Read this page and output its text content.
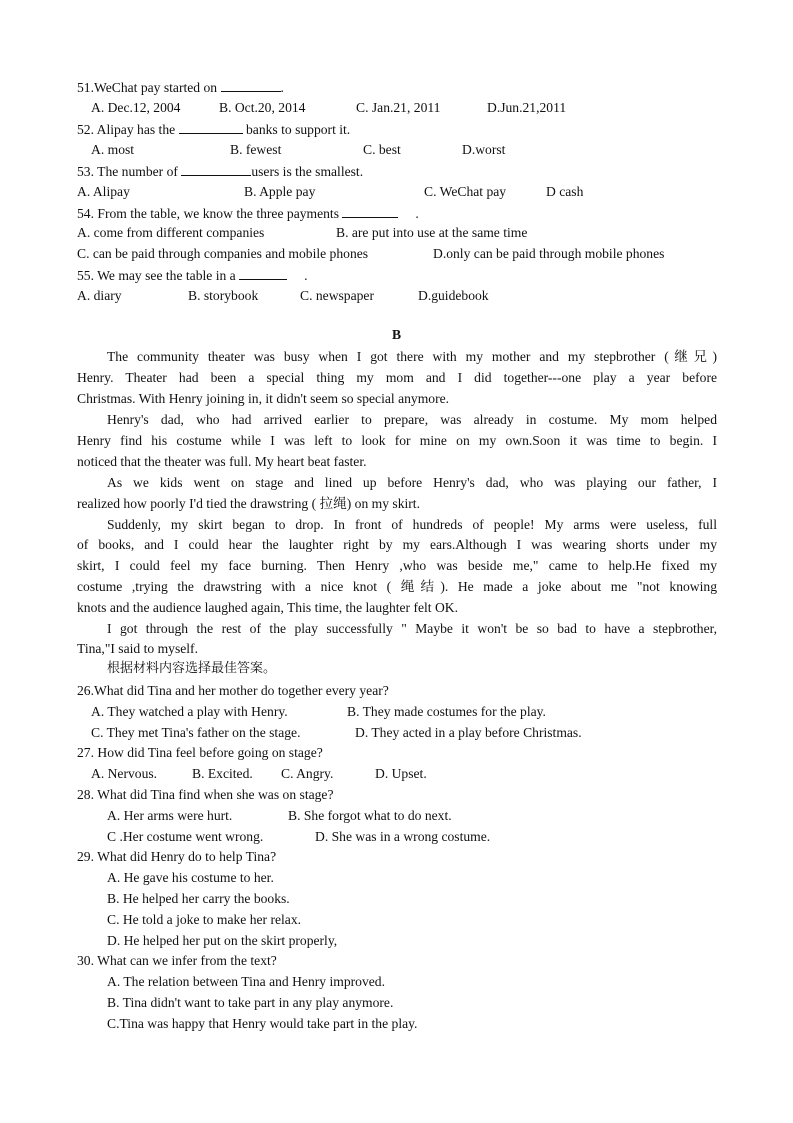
51.WeChat pay started on	.
A. Dec.12, 2004	B. Oct.20, 2014	C. Jan.21, 2011	D.Jun.21,2011
52. Alipay has the	banks to support it.
A. most	B. fewest	C. best	D.worst
53. The number of	users is the smallest.
A. Alipay	B. Apple pay	C. WeChat pay	D cash
54. From the table, we know the three payments	.
A. come from different companies	B. are put into use at the same time
C. can be paid through companies and mobile phones	D.only can be paid through mobile phones
55. We may see the table in a	.
A. diary	B. storybook	C. newspaper	D.guidebook
B
The community theater was busy when I got there with my mother and my stepbrother (继兄)
Henry. Theater had been a special thing my mom and I did together---one play a year before
Christmas. With Henry joining in, it didn't seem so special anymore.
Henry's dad, who had arrived earlier to prepare, was already in costume. My mom helped
Henry find his costume while I was left to look for mine on my own.Soon it was time to begin. I
noticed that the theater was full. My heart beat faster.
As we kids went on stage and lined up before Henry's dad, who was playing our father, I
realized how poorly I'd tied the drawstring ( 拉绳) on my skirt.
Suddenly, my skirt began to drop. In front of hundreds of people! My arms were useless, full
of books, and I could hear the laughter right by my ears.Although I was wearing shorts under my
skirt, I could feel my face burning. Then Henry ,who was beside me," came to help.He fixed my
costume ,trying the drawstring with a nice knot ( 绳结). He made a joke about me "not knowing
knots and the audience laughed again, This time, the laughter felt OK.
I got through the rest of the play successfully " Maybe it won't be so bad to have a stepbrother,
Tina,"I said to myself.
根据材料内容选择最佳答案。
26.What did Tina and her mother do together every year?
A. They watched a play with Henry.	B. They made costumes for the play.
C. They met Tina's father on the stage.	D. They acted in a play before Christmas.
27. How did Tina feel before going on stage?
A. Nervous.	B. Excited. C. Angry.	D. Upset.
28. What did Tina find when she was on stage?
A. Her arms were hurt.	B. She forgot what to do next.
C .Her costume went wrong.	D. She was in a wrong costume.
29. What did Henry do to help Tina?
A. He gave his costume to her.
B. He helped her carry the books.
C. He told a joke to make her relax.
D. He helped her put on the skirt properly,
30. What can we infer from the text?
A. The relation between Tina and Henry improved.
B. Tina didn't want to take part in any play anymore.
C.Tina was happy that Henry would take part in the play.
